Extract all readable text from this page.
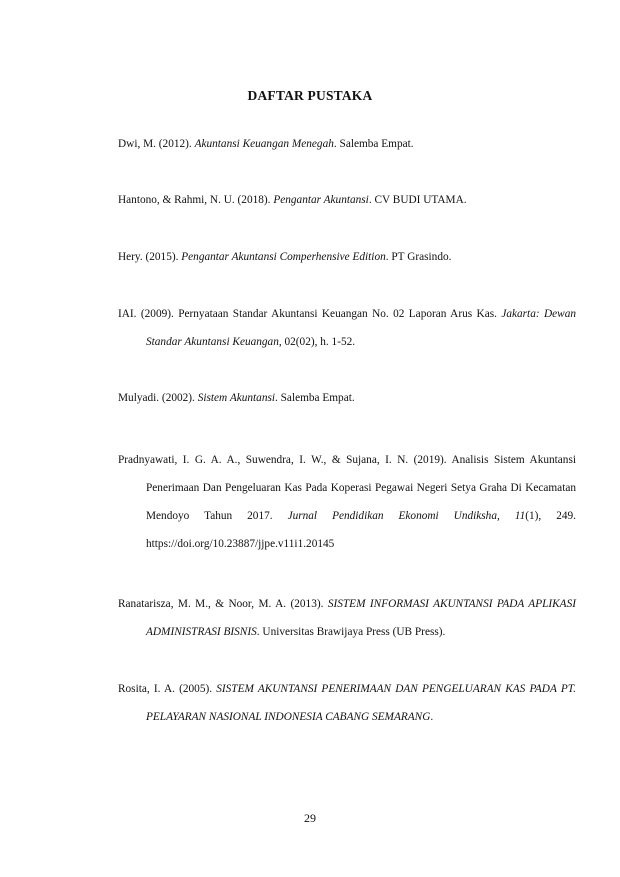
DAFTAR PUSTAKA

Dwi, M. (2012). Akuntansi Keuangan Menegah. Salemba Empat.

Hantono, & Rahmi, N. U. (2018). Pengantar Akuntansi. CV BUDI UTAMA.

Hery. (2015). Pengantar Akuntansi Comperhensive Edition. PT Grasindo.

IAI. (2009). Pernyataan Standar Akuntansi Keuangan No. 02 Laporan Arus Kas. Jakarta: Dewan Standar Akuntansi Keuangan, 02(02), h. 1-52.

Mulyadi. (2002). Sistem Akuntansi. Salemba Empat.

Pradnyawati, I. G. A. A., Suwendra, I. W., & Sujana, I. N. (2019). Analisis Sistem Akuntansi Penerimaan Dan Pengeluaran Kas Pada Koperasi Pegawai Negeri Setya Graha Di Kecamatan Mendoyo Tahun 2017. Jurnal Pendidikan Ekonomi Undiksha, 11(1), 249. https://doi.org/10.23887/jjpe.v11i1.20145

Ranatarisza, M. M., & Noor, M. A. (2013). SISTEM INFORMASI AKUNTANSI PADA APLIKASI ADMINISTRASI BISNIS. Universitas Brawijaya Press (UB Press).

Rosita, I. A. (2005). SISTEM AKUNTANSI PENERIMAAN DAN PENGELUARAN KAS PADA PT. PELAYARAN NASIONAL INDONESIA CABANG SEMARANG.

29
